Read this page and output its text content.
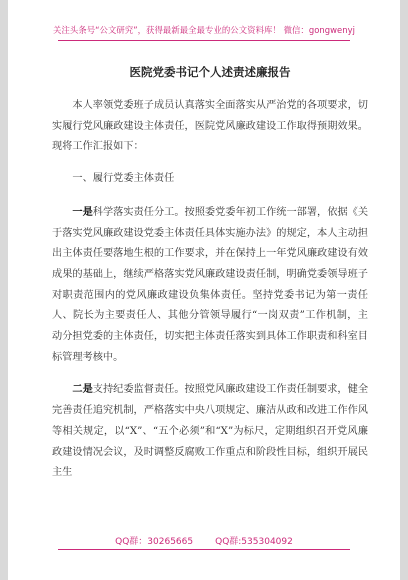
关注头条号“公文研究”，获得最新最全最专业的公文资料库！ 微信：gongwenyj
医院党委书记个人述责述廉报告

本人率领党委班子成员认真落实全面落实从严治党的各项要求，切实履行党风廉政建设主体责任，医院党风廉政建设工作取得预期效果。现将工作汇报如下：

一、履行党委主体责任

一是科学落实责任分工。按照委党委年初工作统一部署，依据《关于落实党风廉政建设党委主体责任具体实施办法》的规定，本人主动担出主体责任要落地生根的工作要求，并在保持上一年党风廉政建设有效成果的基础上，继续严格落实党风廉政建设责任制，明确党委领导班子对职责范围内的党风廉政建设负集体责任。坚持党委书记为第一责任人、院长为主要责任人、其他分管领导履行“一岗双责”工作机制，主动分担党委的主体责任，切实把主体责任落实到具体工作职责和科室目标管理考核中。

二是支持纪委监督责任。按照党风廉政建设工作责任制要求，健全完善责任追究机制，严格落实中央八项规定、廉洁从政和改进工作作风等相关规定，以“X”、“五个必须”和“X”为标尺，定期组织召开党风廉政建设情况会议，及时调整反腐败工作重点和阶段性目标，组织开展民主生

QQ群：30265665 QQ群:535304092
